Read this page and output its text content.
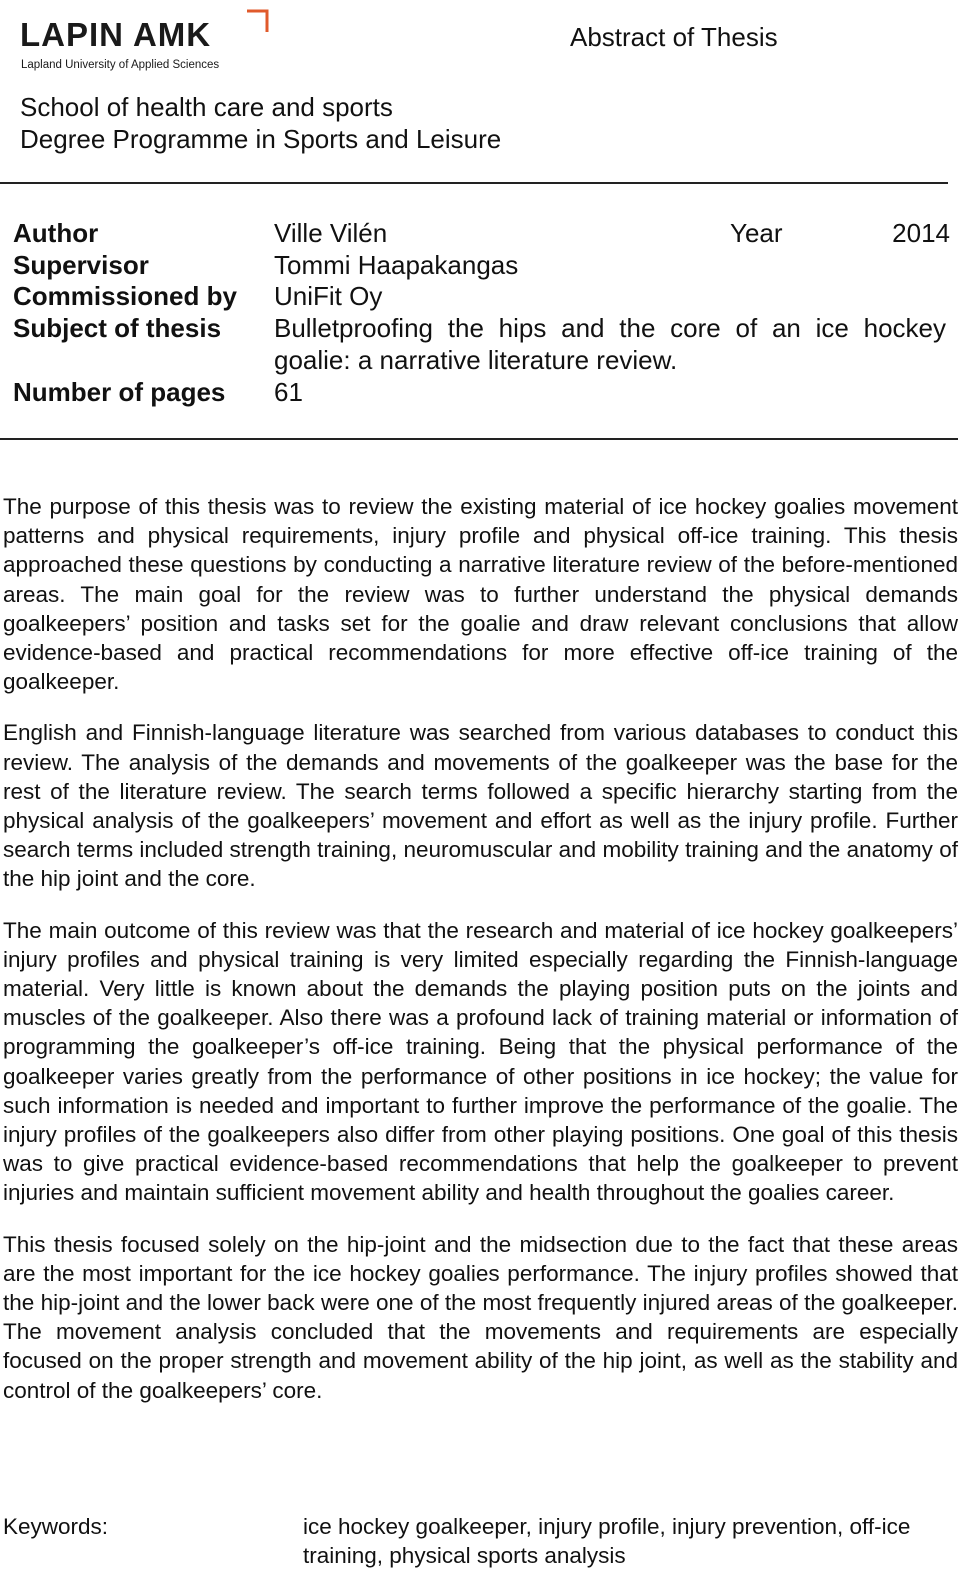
LAPIN AMK
Lapland University of Applied Sciences
Abstract of Thesis
School of health care and sports
Degree Programme in Sports and Leisure
Author	Ville Vilén	Year	2014
Supervisor	Tommi Haapakangas
Commissioned by	UniFit Oy
Subject of thesis	Bulletproofing the hips and the core of an ice hockey goalie: a narrative literature review.
Number of pages	61

The purpose of this thesis was to review the existing material of ice hockey goalies movement patterns and physical requirements, injury profile and physical off-ice training. This thesis approached these questions by conducting a narrative literature review of the before-mentioned areas. The main goal for the review was to further understand the physical demands goalkeepers’ position and tasks set for the goalie and draw relevant conclusions that allow evidence-based and practical recommendations for more effective off-ice training of the goalkeeper.

English and Finnish-language literature was searched from various databases to conduct this review. The analysis of the demands and movements of the goalkeeper was the base for the rest of the literature review. The search terms followed a specific hierarchy starting from the physical analysis of the goalkeepers’ movement and effort as well as the injury profile. Further search terms included strength training, neuromuscular and mobility training and the anatomy of the hip joint and the core.

The main outcome of this review was that the research and material of ice hockey goalkeepers’ injury profiles and physical training is very limited especially regarding the Finnish-language material. Very little is known about the demands the playing position puts on the joints and muscles of the goalkeeper. Also there was a profound lack of training material or information of programming the goalkeeper’s off-ice training. Being that the physical performance of the goalkeeper varies greatly from the performance of other positions in ice hockey; the value for such information is needed and important to further improve the performance of the goalie. The injury profiles of the goalkeepers also differ from other playing positions. One goal of this thesis was to give practical evidence-based recommendations that help the goalkeeper to prevent injuries and maintain sufficient movement ability and health throughout the goalies career.

This thesis focused solely on the hip-joint and the midsection due to the fact that these areas are the most important for the ice hockey goalies performance. The injury profiles showed that the hip-joint and the lower back were one of the most frequently injured areas of the goalkeeper. The movement analysis concluded that the movements and requirements are especially focused on the proper strength and movement ability of the hip joint, as well as the stability and control of the goalkeepers’ core.

Keywords:	ice hockey goalkeeper, injury profile, injury prevention, off-ice training, physical sports analysis
